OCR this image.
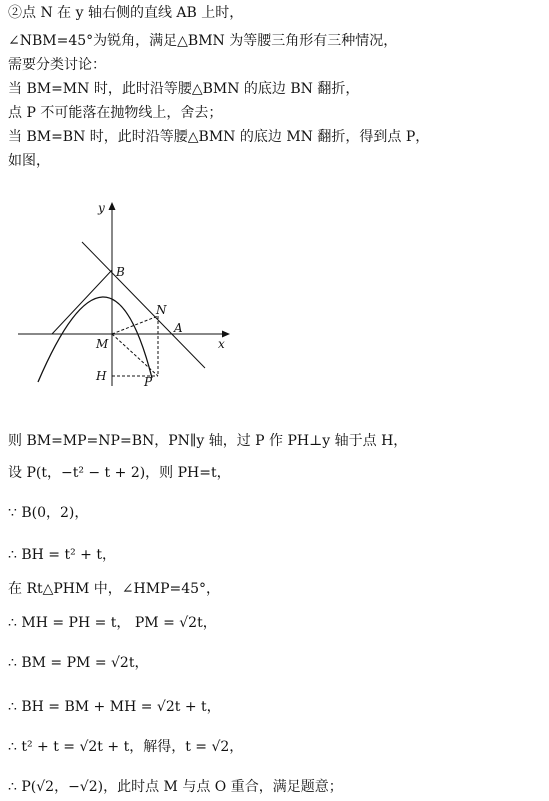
②点 N 在 y 轴右侧的直线 AB 上时，
∠NBM=45°为锐角，满足△BMN 为等腰三角形有三种情况，
需要分类讨论：
当 BM=MN 时，此时沿等腰△BMN 的底边 BN 翻折，
点 P 不可能落在抛物线上，舍去；
当 BM=BN 时，此时沿等腰△BMN 的底边 MN 翻折，得到点 P，
如图，
y
B
N
A
x
M
H	P
则 BM=MP=NP=BN，PN∥y 轴，过 P 作 PH⊥y 轴于点 H，
设 P(t，−t² − t + 2)，则 PH=t，
∵ B(0，2)，
∴ BH = t² + t，
在 Rt△PHM 中，∠HMP=45°，
∴ MH = PH = t， PM = √2t，
∴ BM = PM = √2t，
∴ BH = BM + MH = √2t + t，
∴ t² + t = √2t + t，解得，t = √2，
∴ P(√2，−√2)，此时点 M 与点 O 重合，满足题意；
